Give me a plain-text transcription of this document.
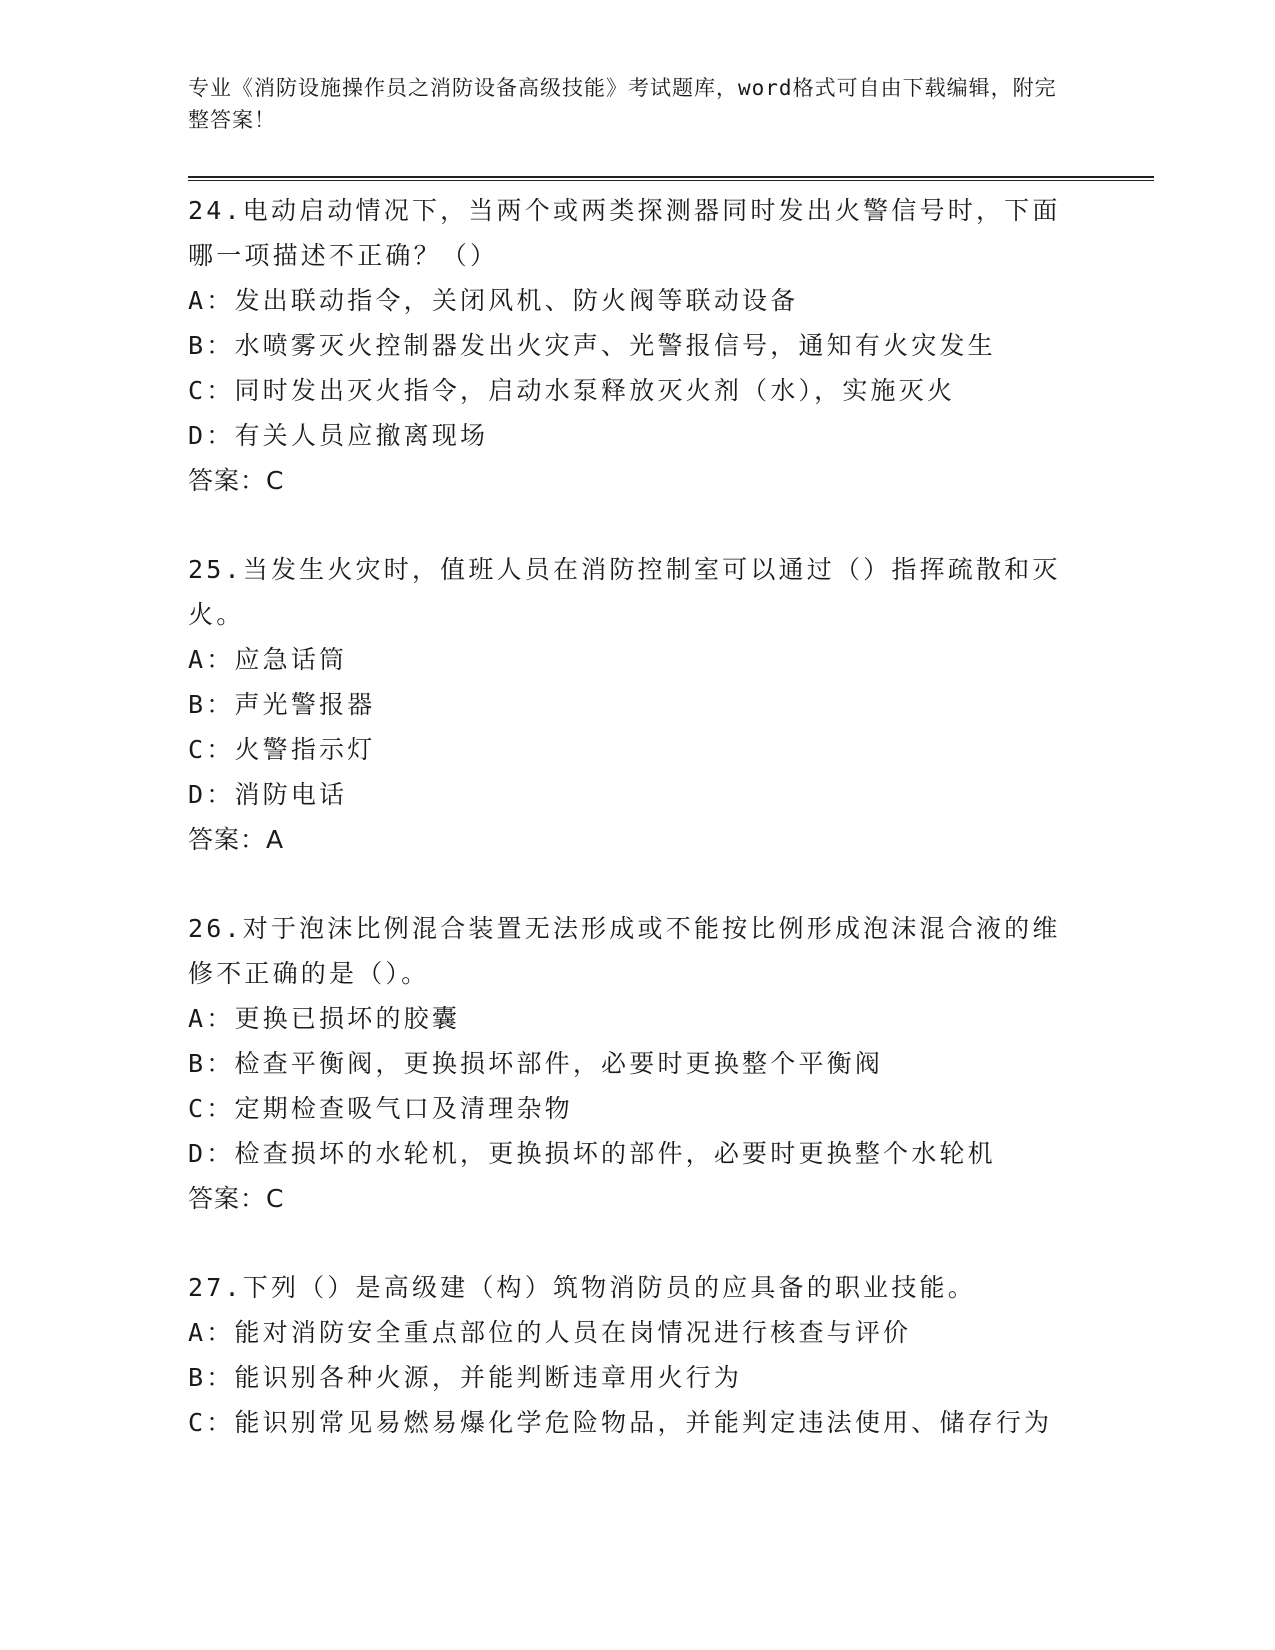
专业《消防设施操作员之消防设备高级技能》考试题库，word格式可自由下载编辑，附完整答案！
24.电动启动情况下，当两个或两类探测器同时发出火警信号时，下面哪一项描述不正确？（）
A：发出联动指令，关闭风机、防火阀等联动设备
B：水喷雾灭火控制器发出火灾声、光警报信号，通知有火灾发生
C：同时发出灭火指令，启动水泵释放灭火剂（水），实施灭火
D：有关人员应撤离现场
答案：C
25.当发生火灾时，值班人员在消防控制室可以通过（）指挥疏散和灭火。
A：应急话筒
B：声光警报器
C：火警指示灯
D：消防电话
答案：A
26.对于泡沫比例混合装置无法形成或不能按比例形成泡沫混合液的维修不正确的是（）。
A：更换已损坏的胶囊
B：检查平衡阀，更换损坏部件，必要时更换整个平衡阀
C：定期检查吸气口及清理杂物
D：检查损坏的水轮机，更换损坏的部件，必要时更换整个水轮机
答案：C
27.下列（）是高级建（构）筑物消防员的应具备的职业技能。
A：能对消防安全重点部位的人员在岗情况进行核查与评价
B：能识别各种火源，并能判断违章用火行为
C：能识别常见易燃易爆化学危险物品，并能判定违法使用、储存行为
